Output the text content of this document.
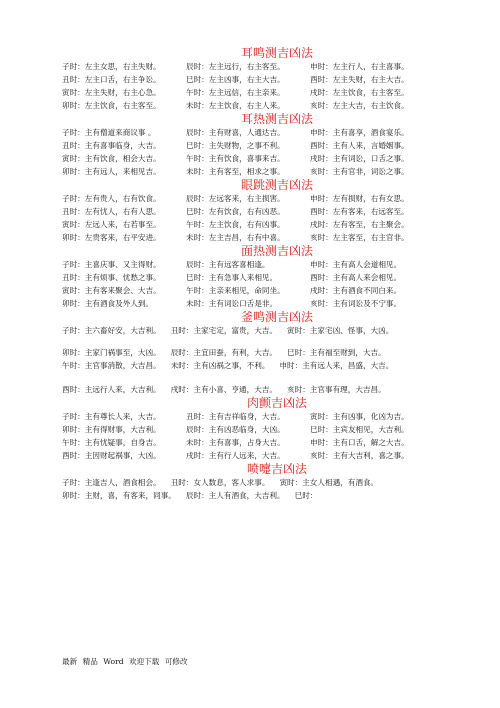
耳鸣测吉凶法
子时：左主女思，右主失财。	辰时：左主远行，右主客至。	申时：左主行人，右主喜事。
丑时：左主口舌，右主争讼。	巳时：左主凶事，右主大吉。	酉时：左主失财，右主大吉。
寅时：左主失财，右主心急。	午时：左主远信，右主亲来。	戌时：左主饮食，右主客至。
卯时：左主饮食，右主客至。	未时：左主饮食，右主人来。	亥时：左主大吉，右主饮食。
耳热测吉凶法
子时：主有僧道来商议事 。	辰时：主有财喜，人通达吉。	申时：主有喜享，酒食宴乐。
丑时：主有喜事临身，大吉。	巳时：主失财物，之事不利。	酉时：主有人来，言婚姻事。
寅时：主有饮食，相会大吉。	午时：主有饮食，喜事来吉。	戌时：主有词讼，口舌之事。
卯时：主有远人，来相见吉。	未时：主有客至，相求之事。	亥时：主有官非，词讼之事。
眼跳测吉凶法
子时：左有贵人，右有饮食。	辰时：左远客来，右主损害。	申时：左有损财，右有女思。
丑时：左有忧人，右有人思。	巳时：左有饮食，右有凶恶。	酉时：左有客来，右远客至。
寅时：左远人来，右若事至。	午时：左主饮食，右有凶事。	戌时：左有客至，右主聚会。
卯时：左贵客来，右平安进。	未时：左主吉昌，右有中喜。	亥时：左主客至，右主官非。
面热测吉凶法
子时：主喜庆事、又主得财。	辰时：主有远客喜相逢。	申时：主有高人会道相见。
丑时：主有烦事、忧愁之事。	巳时：主有急事人来相见。	酉时：主有高人来会相见。
寅时：主有客来聚会、大吉。	午时：主亲来相见，命同坐。	戌时：主有酒食不同白来。
卯时：主有酒食及外人到。	未时：主有词讼口舌是非。	亥时：主有词讼及不宁事。
釜鸣测吉凶法
子时：主六畜好安，大吉利。 丑时：主家宅定，富贵，大吉。 寅时：主家宅凶、怪事，大凶。
卯时：主家门祸事至，大凶。 辰时：主宜田蚕，有利，大吉。 巳时：主有福至财到，大吉。
午时：主官事消散，大吉昌。 未时：主有凶祸之事，不利。 申时：主有远人来，昌盛，大吉。
酉时：主远行人来，大吉利。 戌时：主有小喜、亨通，大吉。 亥时：主官事有理，大吉昌。
肉颤吉凶法
子时：主有尊长人来，大吉。	丑时：主有吉祥临身，大吉。	寅时：主有凶事，化凶为吉。
卯时：主有得财事，大吉利。	辰时：主有凶恶临身，大凶。	巳时：主宾友相见，大吉利。
午时：主有忧疑事，自身吉。	未时：主有喜事，占身大吉。	申时：主有口舌，解之大吉。
酉时：主因财起祸事，大凶。	戌时：主有行人远来，大吉。	亥时：主有大吉利，喜之事。
喷嚏吉凶法
子时：主逢吉人，酒食相会。 丑时：女人数息，客人求事。 寅时：主女人相遇，有酒食。
卯时：主财，喜，有客来，同事。 辰时：主人有酒食，大吉利。 巳时：
最新 精品 Word 欢迎下载 可修改
